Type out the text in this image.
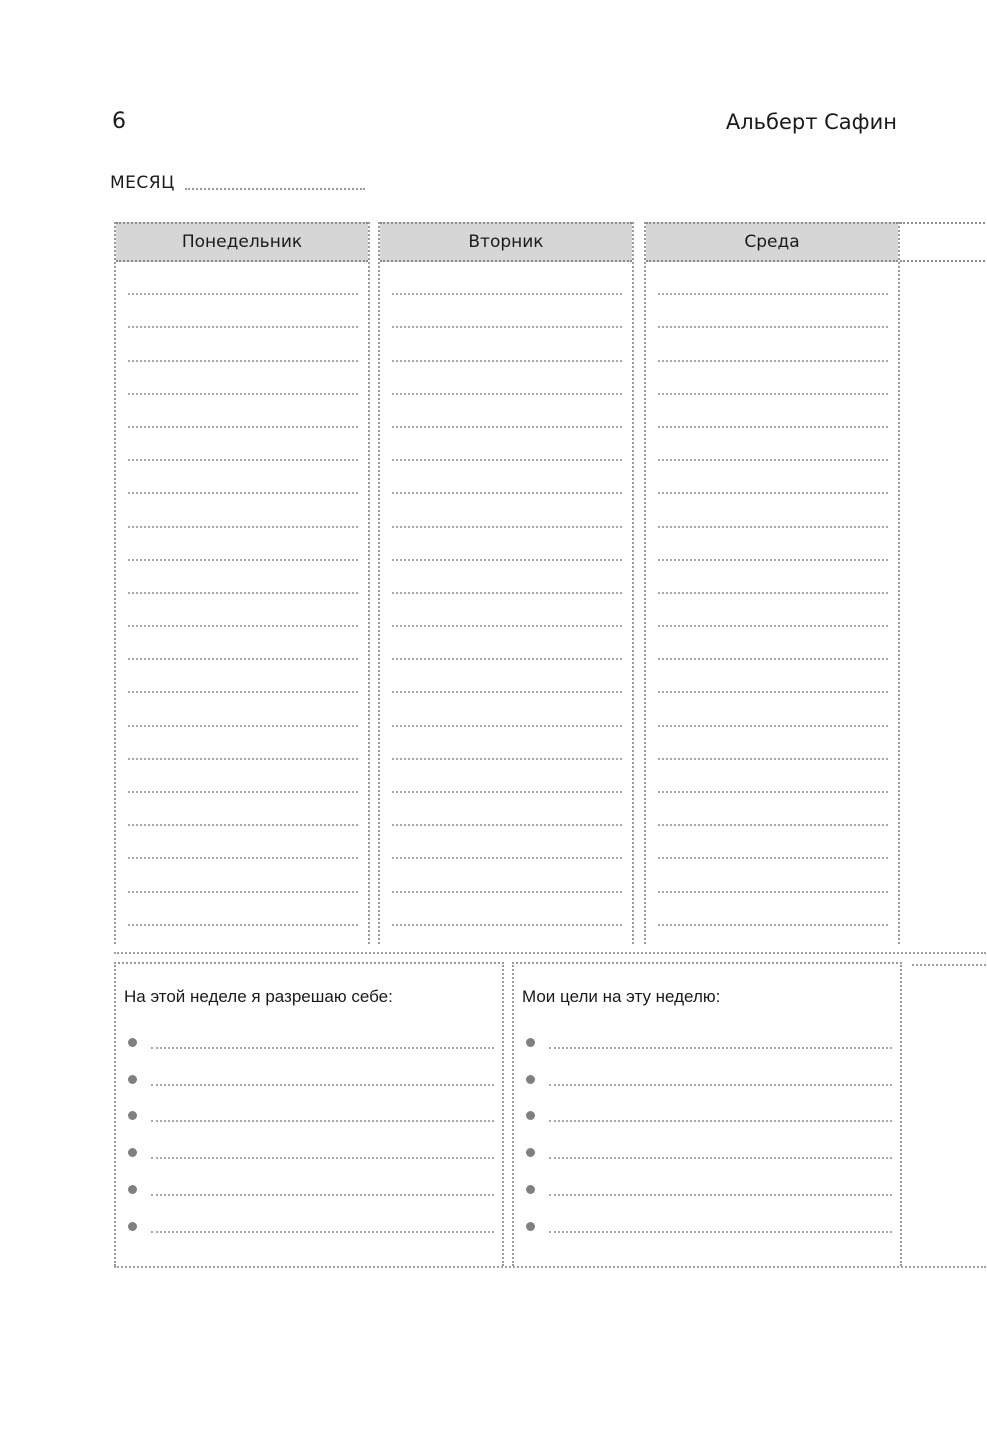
6	Альберт Сафин
МЕСЯЦ
Понедельник	Вторник	Среда
На этой неделе я разрешаю себе:	Мои цели на эту неделю:
